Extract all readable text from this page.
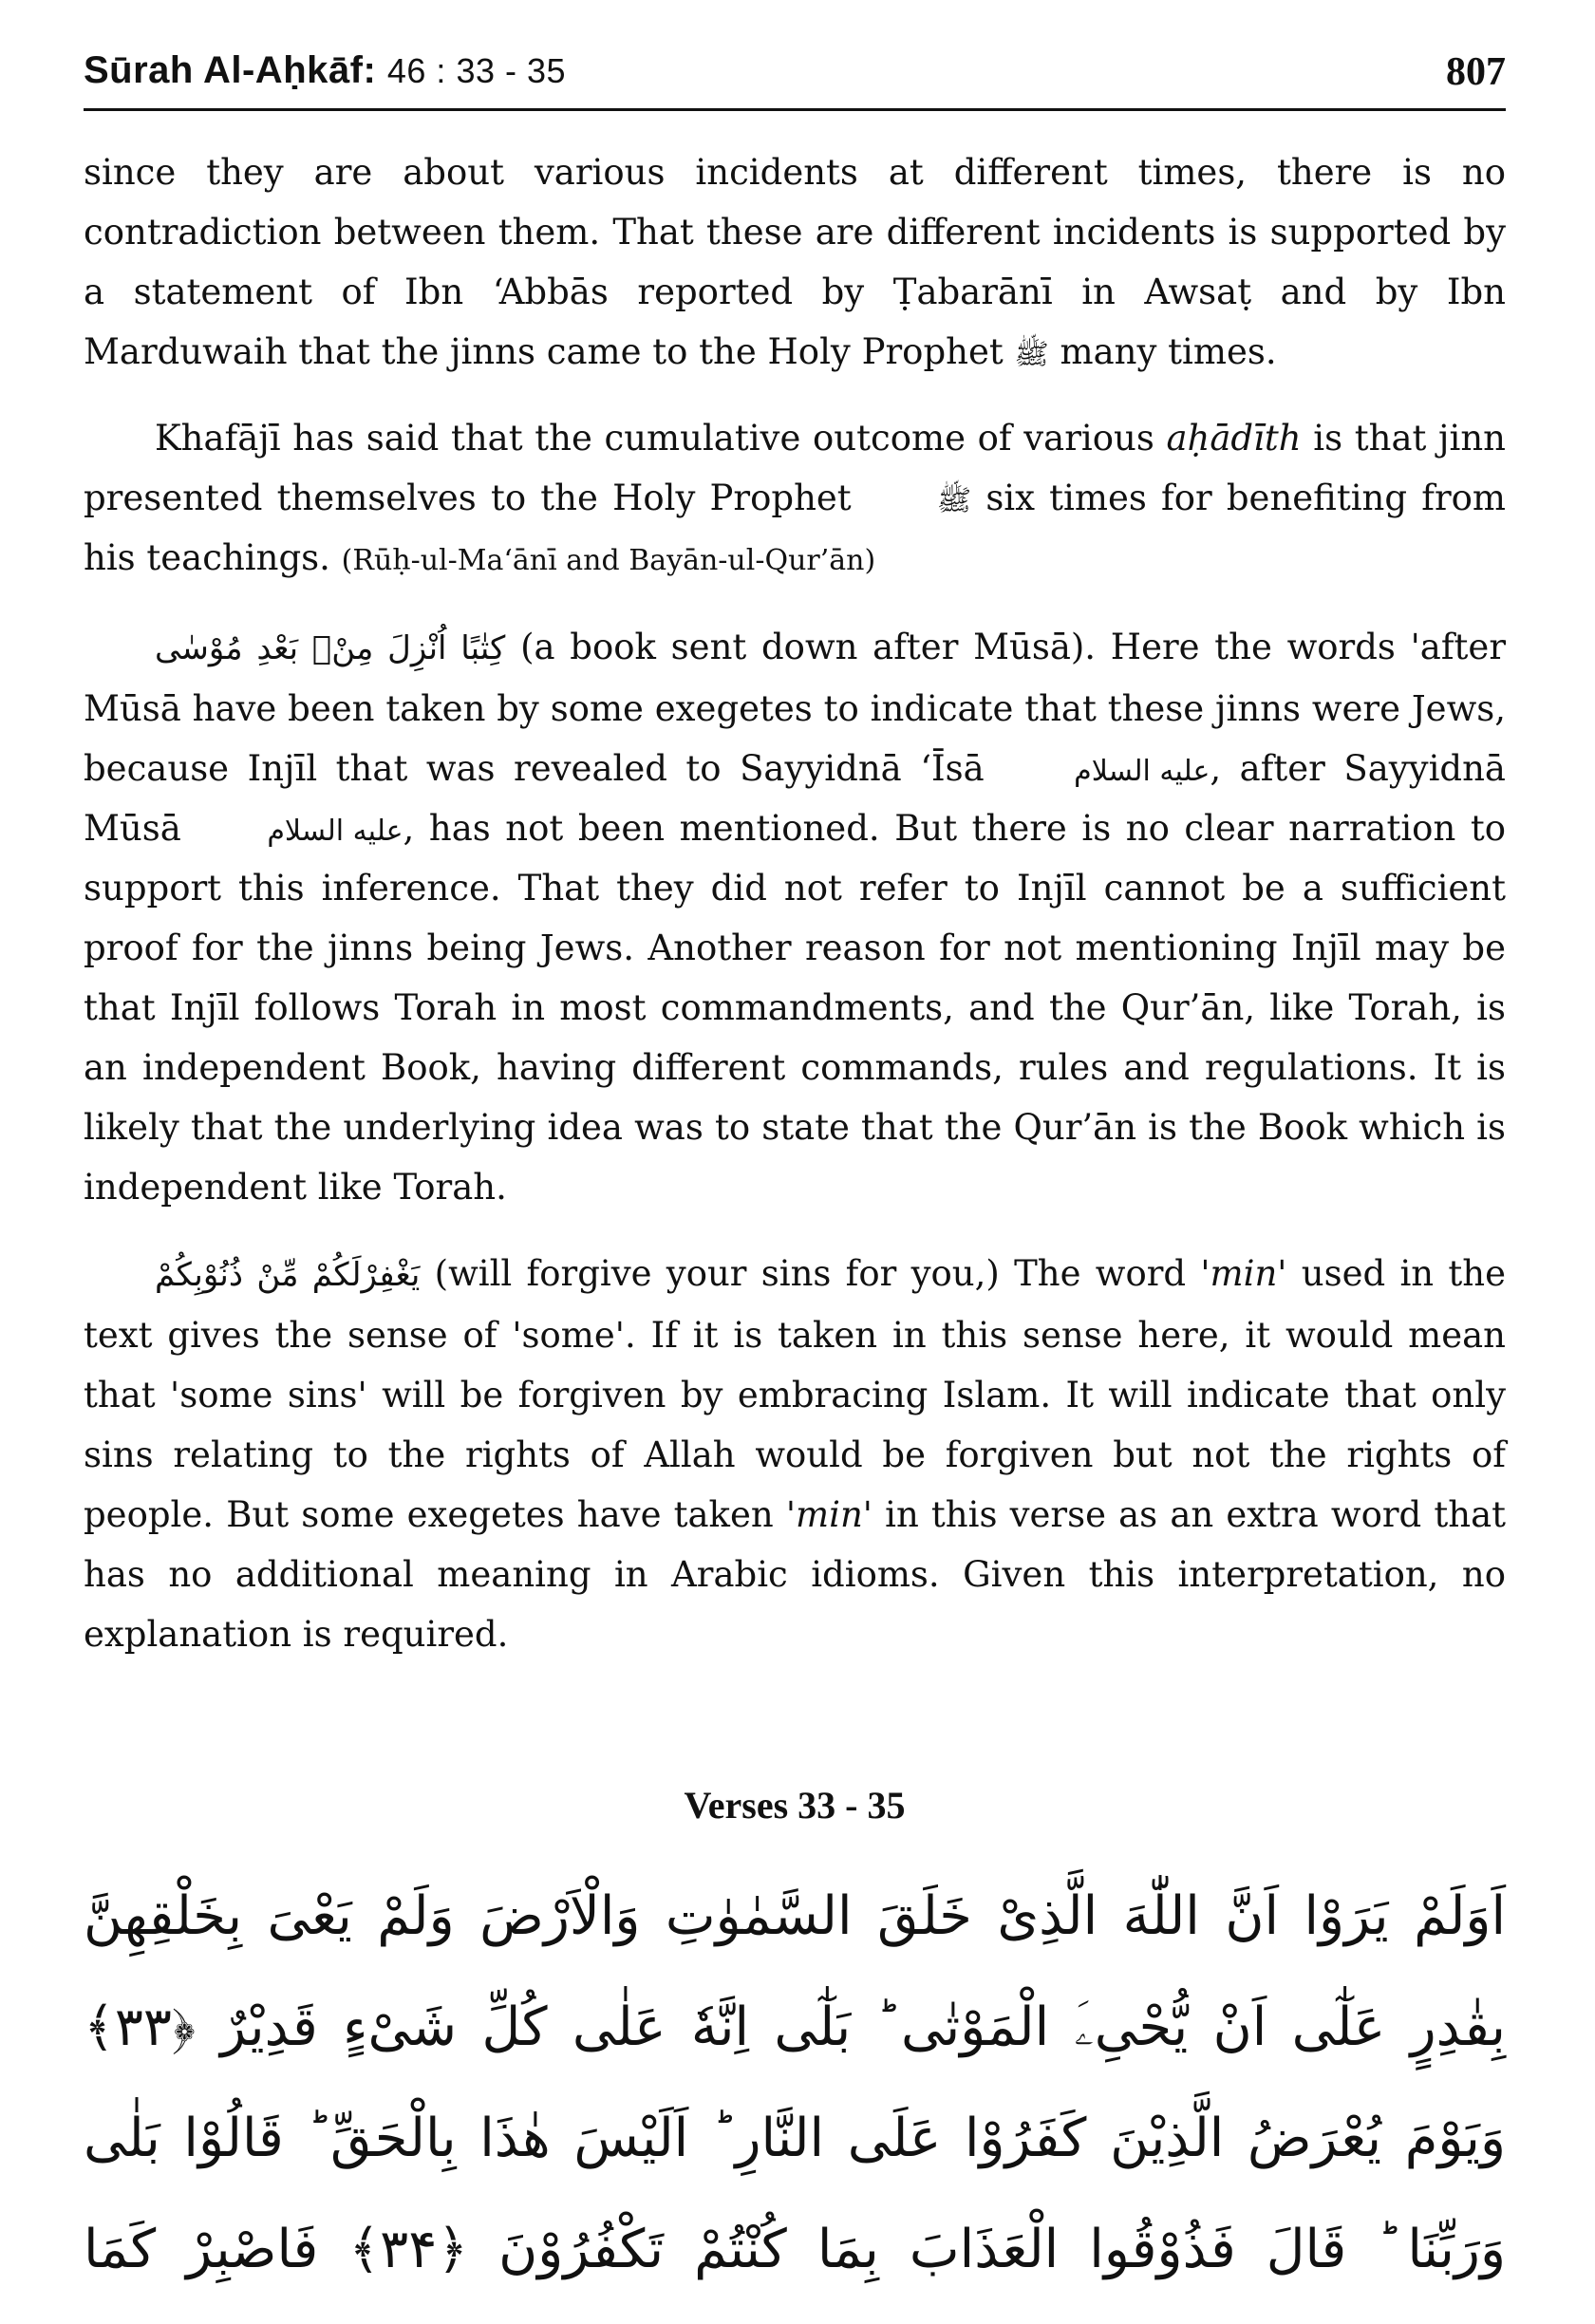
Sūrah Al-Aḥkāf: 46 : 33 - 35	807

since they are about various incidents at different times, there is no contradiction between them. That these are different incidents is supported by a statement of Ibn ‘Abbās reported by Ṭabarānī in Awsaṭ and by Ibn Marduwaih that the jinns came to the Holy Prophet ﷺ many times.

Khafājī has said that the cumulative outcome of various aḥādīth is that jinn presented themselves to the Holy Prophet	ﷺ six times for benefiting from his teachings. (Rūḥ-ul-Ma‘ānī and Bayān-ul-Qur’ān)

كِتٰبًا اُنْزِلَ مِنْۢ بَعْدِ مُوْسٰى (a book sent down after Mūsā). Here the words 'after Mūsā have been taken by some exegetes to indicate that these jinns were Jews, because Injīl that was revealed to Sayyidnā ‘Īsā	عليه السلام, after Sayyidnā Mūsā	عليه السلام, has not been mentioned. But there is no clear narration to support this inference. That they did not refer to Injīl cannot be a sufficient proof for the jinns being Jews. Another reason for not mentioning Injīl may be that Injīl follows Torah in most commandments, and the Qur’ān, like Torah, is an independent Book, having different commands, rules and regulations. It is likely that the underlying idea was to state that the Qur’ān is the Book which is independent like Torah.

يَغْفِرْلَكُمْ مِّنْ ذُنُوْبِكُمْ (will forgive your sins for you,) The word 'min' used in the text gives the sense of 'some'. If it is taken in this sense here, it would mean that 'some sins' will be forgiven by embracing Islam. It will indicate that only sins relating to the rights of Allah would be forgiven but not the rights of people. But some exegetes have taken 'min' in this verse as an extra word that has no additional meaning in Arabic idioms. Given this interpretation, no explanation is required.

Verses 33 - 35

اَوَلَمْ يَرَوْا اَنَّ اللّٰهَ الَّذِىْ خَلَقَ السَّمٰوٰتِ وَالْاَرْضَ وَلَمْ يَعْىَ بِخَلْقِهِنَّ

بِقٰدِرٍ عَلٰٓى اَنْ يُّحْىِۦَ الْمَوْتٰى ؕ بَلٰٓى اِنَّهٗ عَلٰى كُلِّ شَىْءٍ قَدِيْرٌ ﴿۳۳﴾

وَيَوْمَ يُعْرَضُ الَّذِيْنَ كَفَرُوْا عَلَى النَّارِ ؕ اَلَيْسَ هٰذَا بِالْحَقِّ ؕ قَالُوْا بَلٰى

وَرَبِّنَا ؕ قَالَ فَذُوْقُوا الْعَذَابَ بِمَا كُنْتُمْ تَكْفُرُوْنَ ﴿۳۴﴾ فَاصْبِرْ كَمَا
